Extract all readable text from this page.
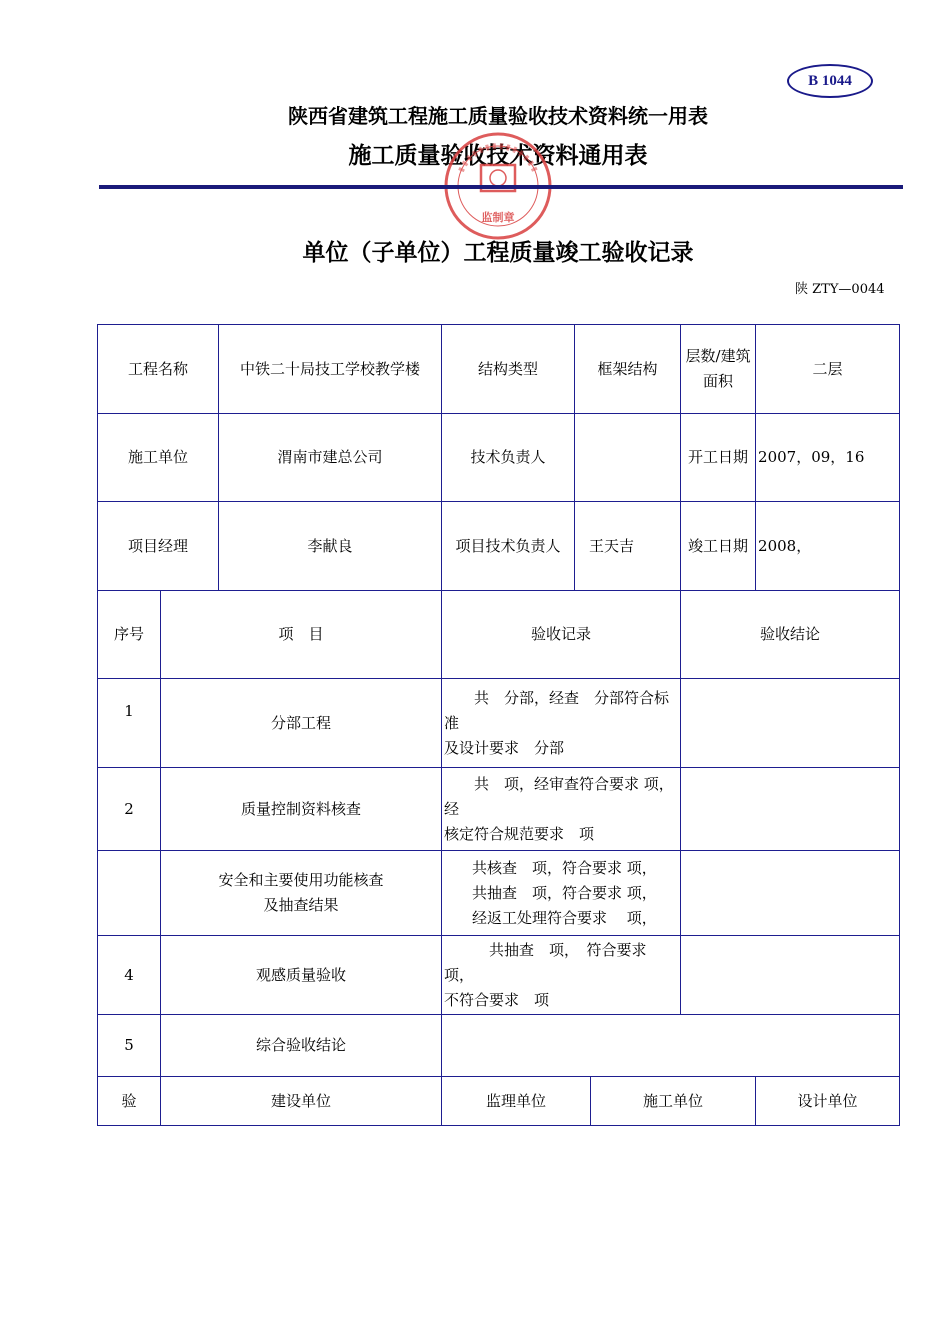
B 1044
陕西省建筑工程施工质量验收技术资料统一用表
施工质量验收技术资料通用表
监制章
单位（子单位）工程质量竣工验收记录
陕 ZTY—0044
工程名称		中铁二十局技工学校教学楼	结构类型	框架结构		层数/建筑面积	二层
施工单位		渭南市建总公司	技术负责人			开工日期	2007，09，16
项目经理		李献良	项目技术负责人	王天吉		竣工日期	2008，
序号	项　目		验收记录			验收结论	
1	分部工程		　　共　分部，经查　分部符合标准
及设计要求　分部				

2	质量控制资料核查		　　共　项，经审查符合要求 项，经
核定符合规范要求　项				

	安全和主要使用功能核查
及抽查结果		共核查　项，符合要求 项，
共抽查　项，符合要求 项，
经返工处理符合要求　 项，				

4	观感质量验收		　　　共抽查　项，　符合要求　项，
不符合要求　项				

5	综合验收结论						
验	建设单位		监理单位		施工单位		设计单位
